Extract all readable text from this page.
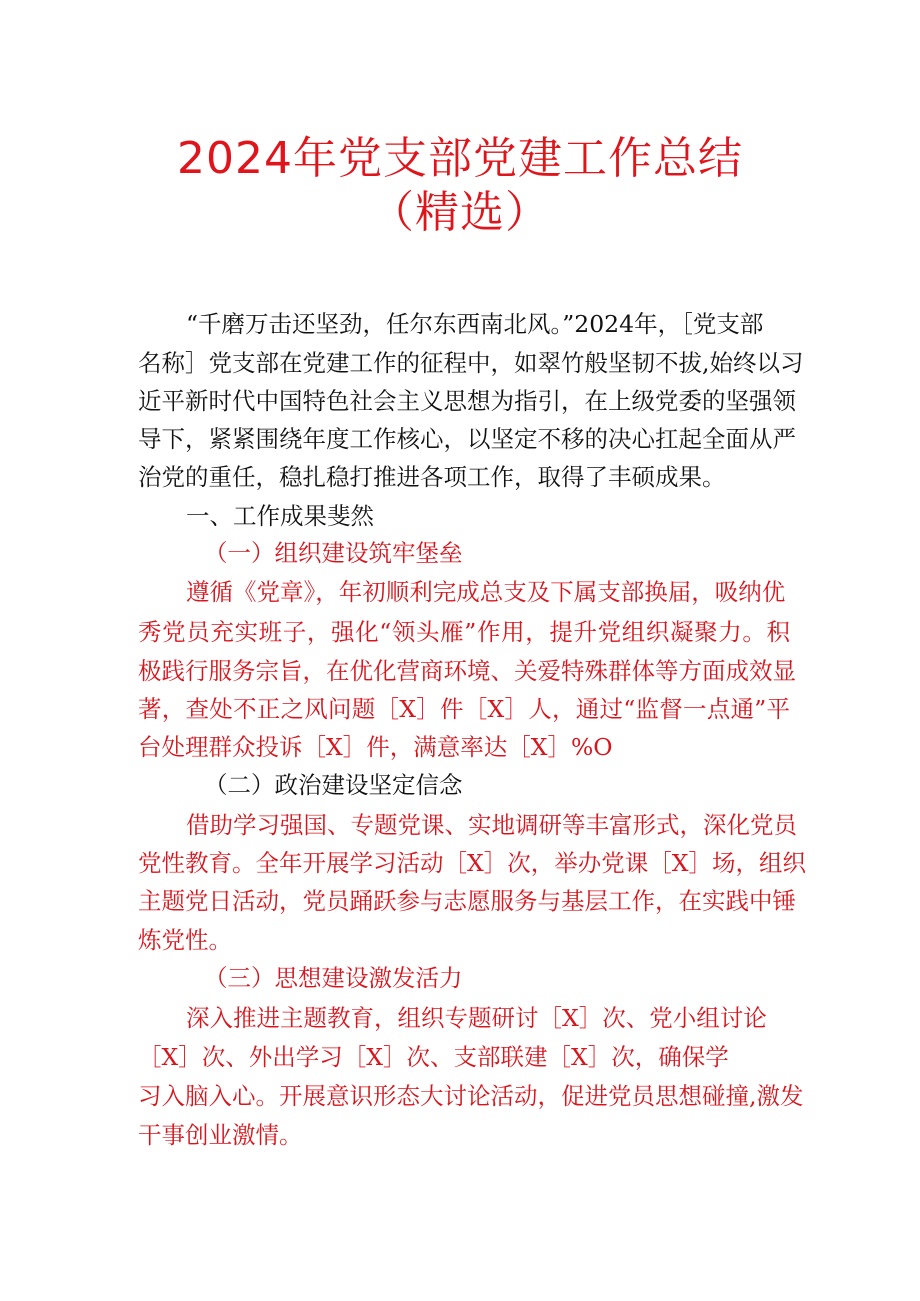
2024年党支部党建工作总结
（精选）

“千磨万击还坚劲，任尔东西南北风。”2024年，［党支部

名称］党支部在党建工作的征程中，如翠竹般坚韧不拔,始终以习

近平新时代中国特色社会主义思想为指引，在上级党委的坚强领

导下，紧紧围绕年度工作核心，以坚定不移的决心扛起全面从严

治党的重任，稳扎稳打推进各项工作，取得了丰硕成果。

一、工作成果斐然

（一）组织建设筑牢堡垒

遵循《党章》，年初顺利完成总支及下属支部换届，吸纳优

秀党员充实班子，强化“领头雁”作用，提升党组织凝聚力。积

极践行服务宗旨，在优化营商环境、关爱特殊群体等方面成效显

著，查处不正之风问题［X］件［X］人，通过“监督一点通”平

台处理群众投诉［X］件，满意率达［X］%O

（二）政治建设坚定信念

借助学习强国、专题党课、实地调研等丰富形式，深化党员

党性教育。全年开展学习活动［X］次，举办党课［X］场，组织

主题党日活动，党员踊跃参与志愿服务与基层工作，在实践中锤

炼党性。

（三）思想建设激发活力

深入推进主题教育，组织专题研讨［X］次、党小组讨论

［X］次、外出学习［X］次、支部联建［X］次，确保学

习入脑入心。开展意识形态大讨论活动，促进党员思想碰撞,激发

干事创业激情。
